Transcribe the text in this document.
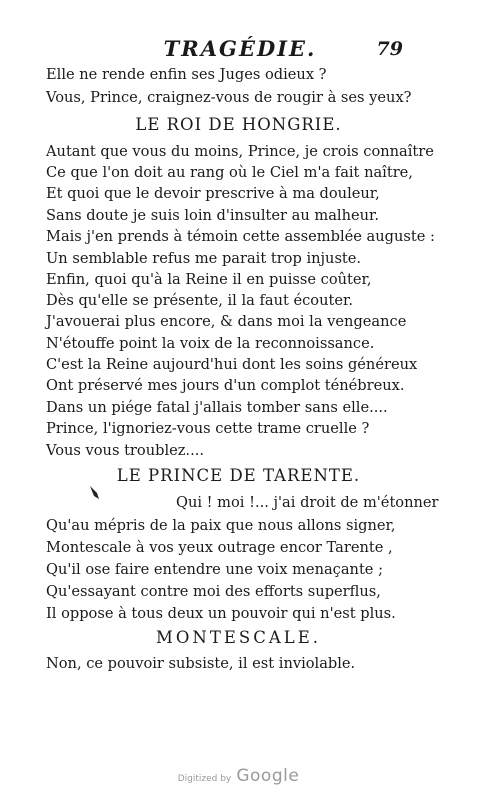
TRAGÉDIE.	79
Elle ne rende enfin ses Juges odieux ?
Vous, Prince, craignez-vous de rougir à ses yeux?
LE ROI DE HONGRIE.
Autant que vous du moins, Prince, je crois connaître
Ce que l'on doit au rang où le Ciel m'a fait naître,
Et quoi que le devoir prescrive à ma douleur,
Sans doute je suis loin d'insulter au malheur.
Mais j'en prends à témoin cette assemblée auguste :
Un semblable refus me parait trop injuste.
Enfin, quoi qu'à la Reine il en puisse coûter,
Dès qu'elle se présente, il la faut écouter.
J'avouerai plus encore, & dans moi la vengeance
N'étouffe point la voix de la reconnoissance.
C'est la Reine aujourd'hui dont les soins généreux
Ont préservé mes jours d'un complot ténébreux.
Dans un piége fatal j'allais tomber sans elle....
Prince, l'ignoriez-vous cette trame cruelle ?
Vous vous troublez....
LE PRINCE DE TARENTE.
Qui ! moi !... j'ai droit de m'étonner
Qu'au mépris de la paix que nous allons signer,
Montescale à vos yeux outrage encor Tarente ,
Qu'il ose faire entendre une voix menaçante ;
Qu'essayant contre moi des efforts superflus,
Il oppose à tous deux un pouvoir qui n'est plus.
MONTESCALE.
Non, ce pouvoir subsiste, il est inviolable.
Digitized by Google
